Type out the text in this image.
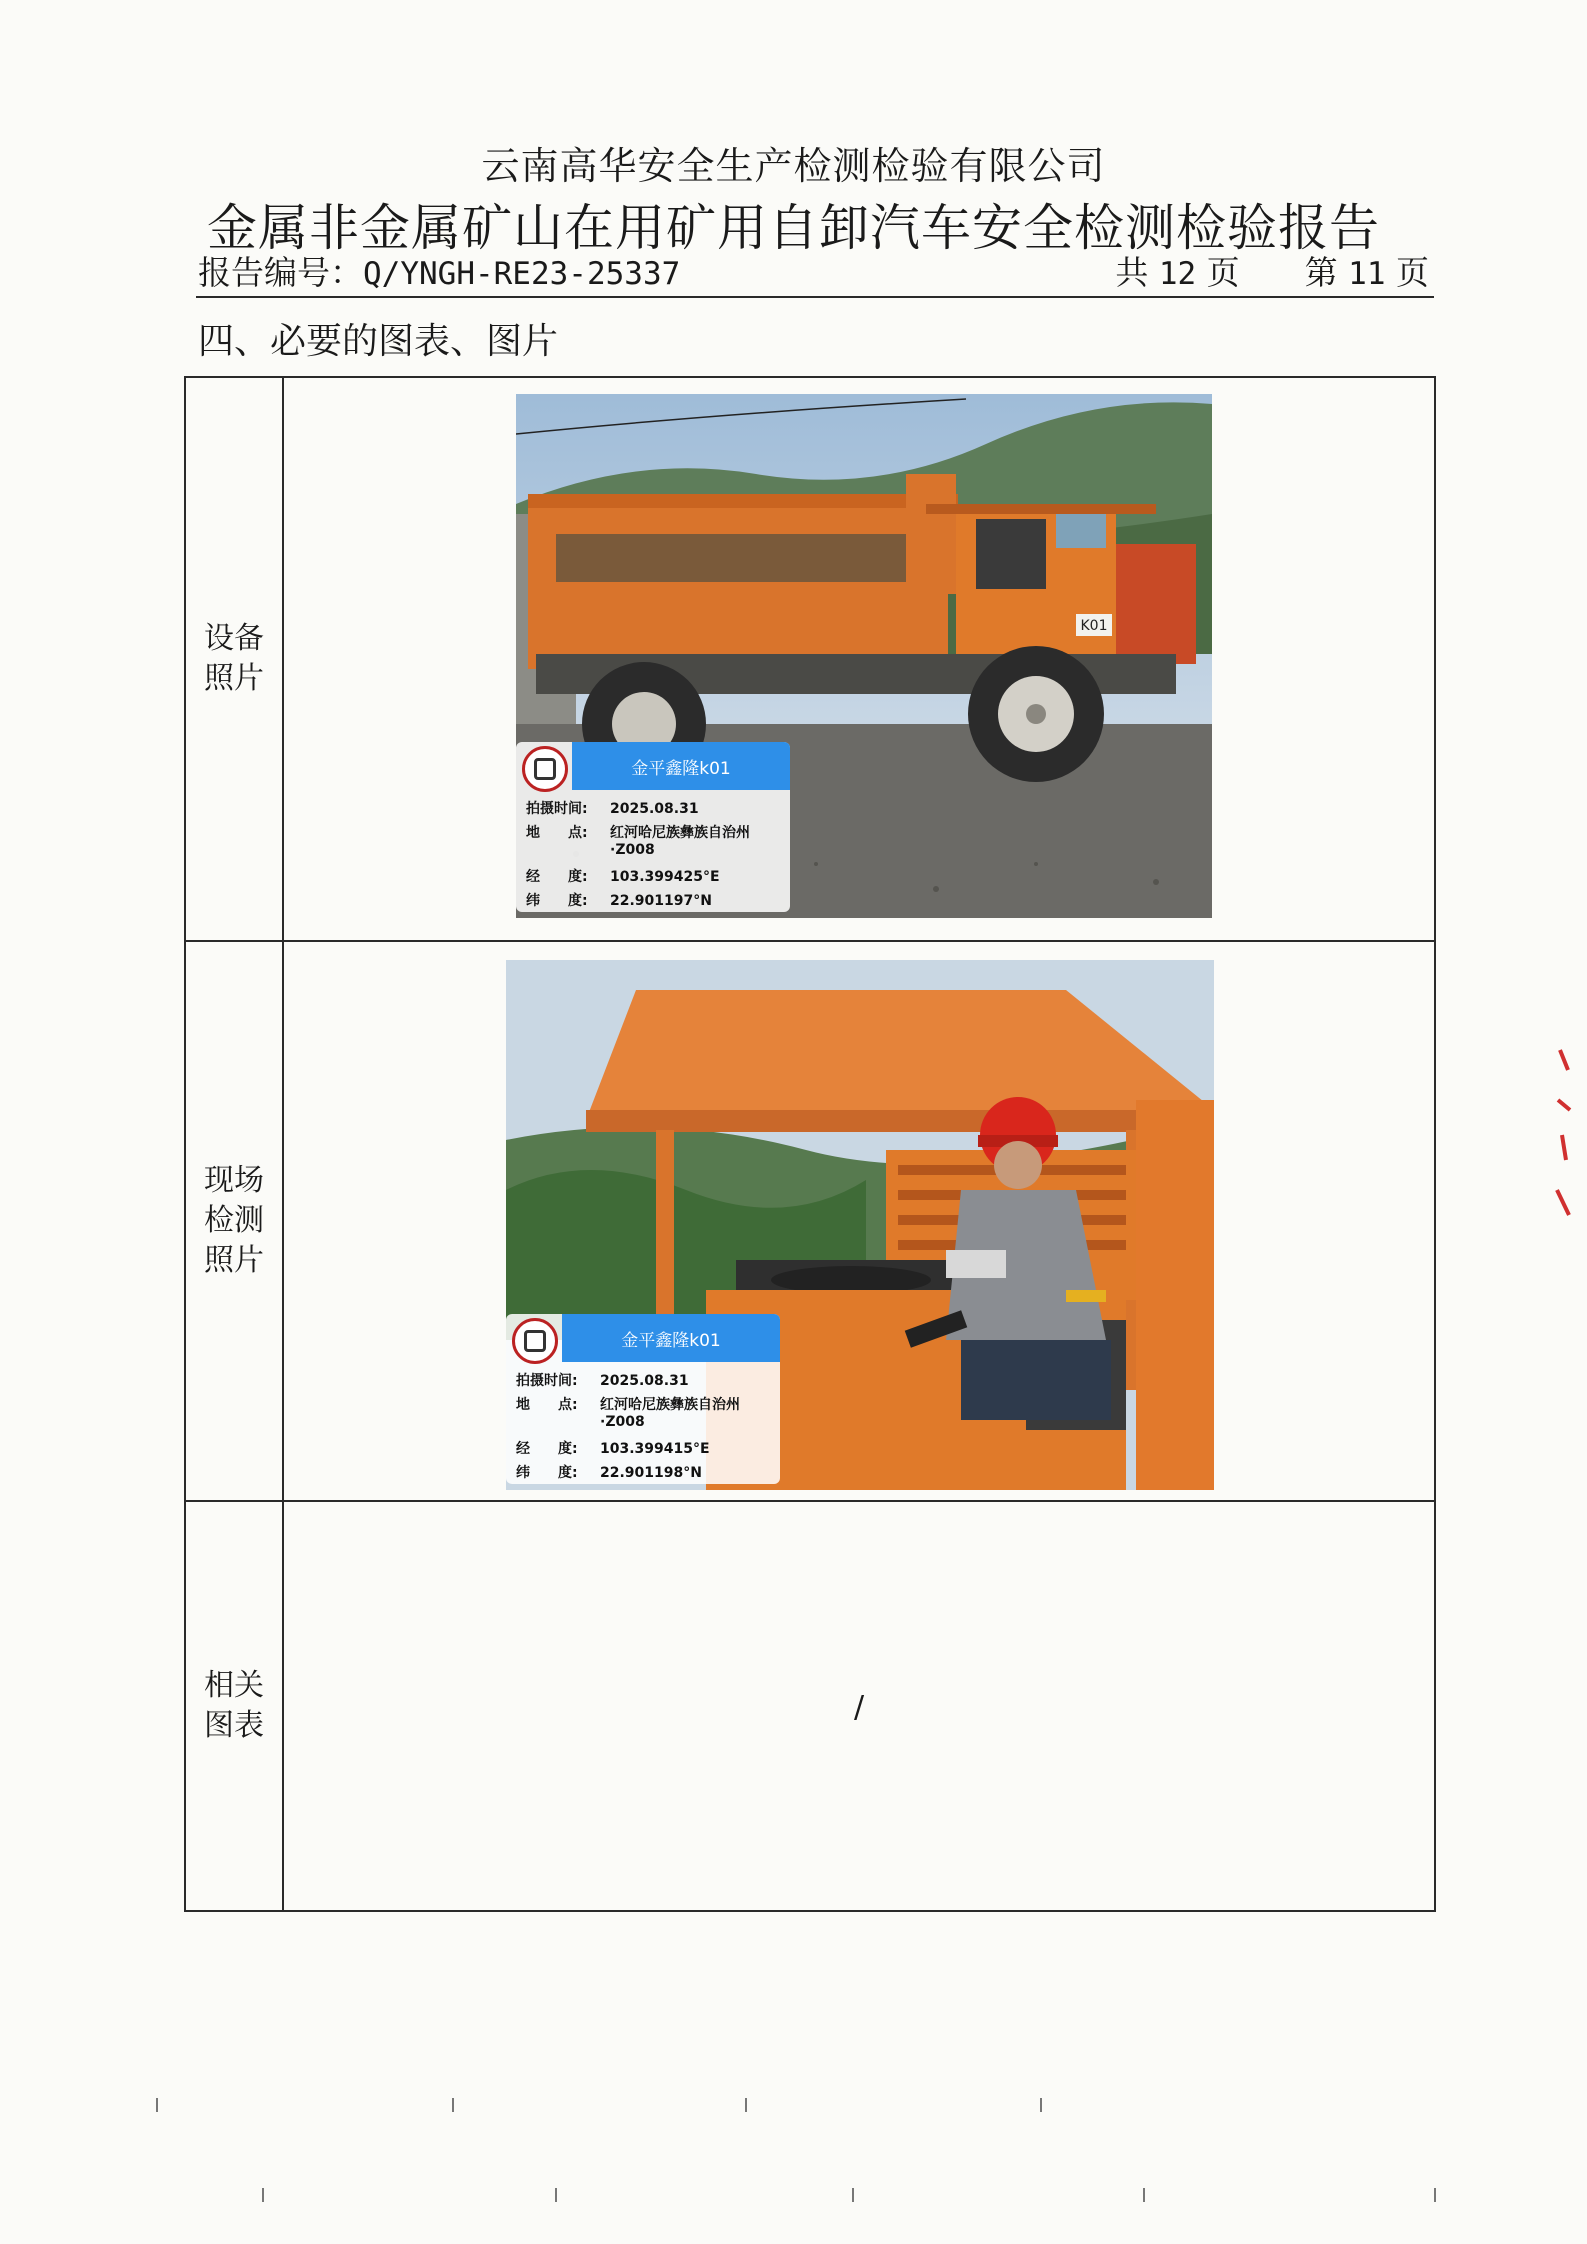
云南高华安全生产检测检验有限公司
金属非金属矿山在用矿用自卸汽车安全检测检验报告
报告编号：Q/YNGH-RE23-25337	共 12 页 第 11 页
四、必要的图表、图片
设备照片
K01
金平鑫隆k01
拍摄时间: 2025.08.31
地　　点: 红河哈尼族彝族自治州
·Z008
经　　度: 103.399425°E
纬　　度: 22.901197°N
现场检测照片
金平鑫隆k01
拍摄时间: 2025.08.31
地　　点: 红河哈尼族彝族自治州
·Z008
经　　度: 103.399415°E
纬　　度: 22.901198°N
相关图表
/
